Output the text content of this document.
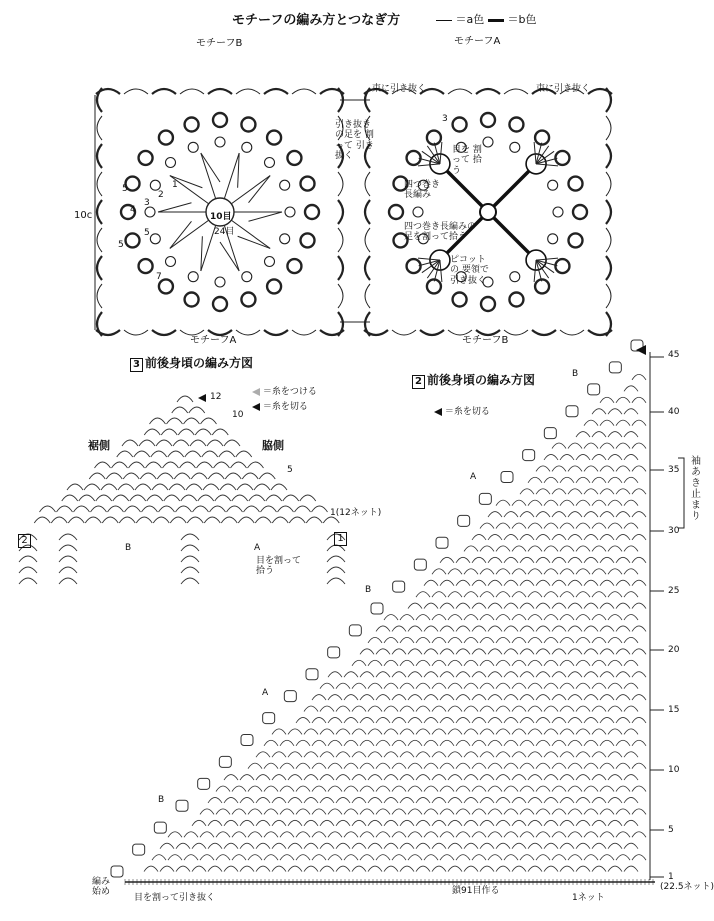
モチーフの編み方とつなぎ方	＝a色	＝b色
モチーフB	モチーフA
モチーフA	モチーフB
10c
引き抜き の足を 割って 引き抜く
束に引き抜く	束に引き抜く
目を 割って 拾う
四つ巻き 長編み
四つ巻き長編みの 足を割って拾う
ピコットの 要領で 引き抜く
10目
24目
1
2
3
4
5
5
5
7
3
3 前後身頃の編み方図
＝糸をつける
＝糸を切る
裾側	脇側
12
10
5
1(12ネット)
B	A
2	1
目を割って 拾う
2 前後身頃の編み方図
＝糸を切る
袖あき止まり
45
40
35
30
25
20
15
10
5
1
(22.5ネット)
B
A
B
A
B
編み 始め
目を割って引き抜く
鎖91目作る
1ネット
